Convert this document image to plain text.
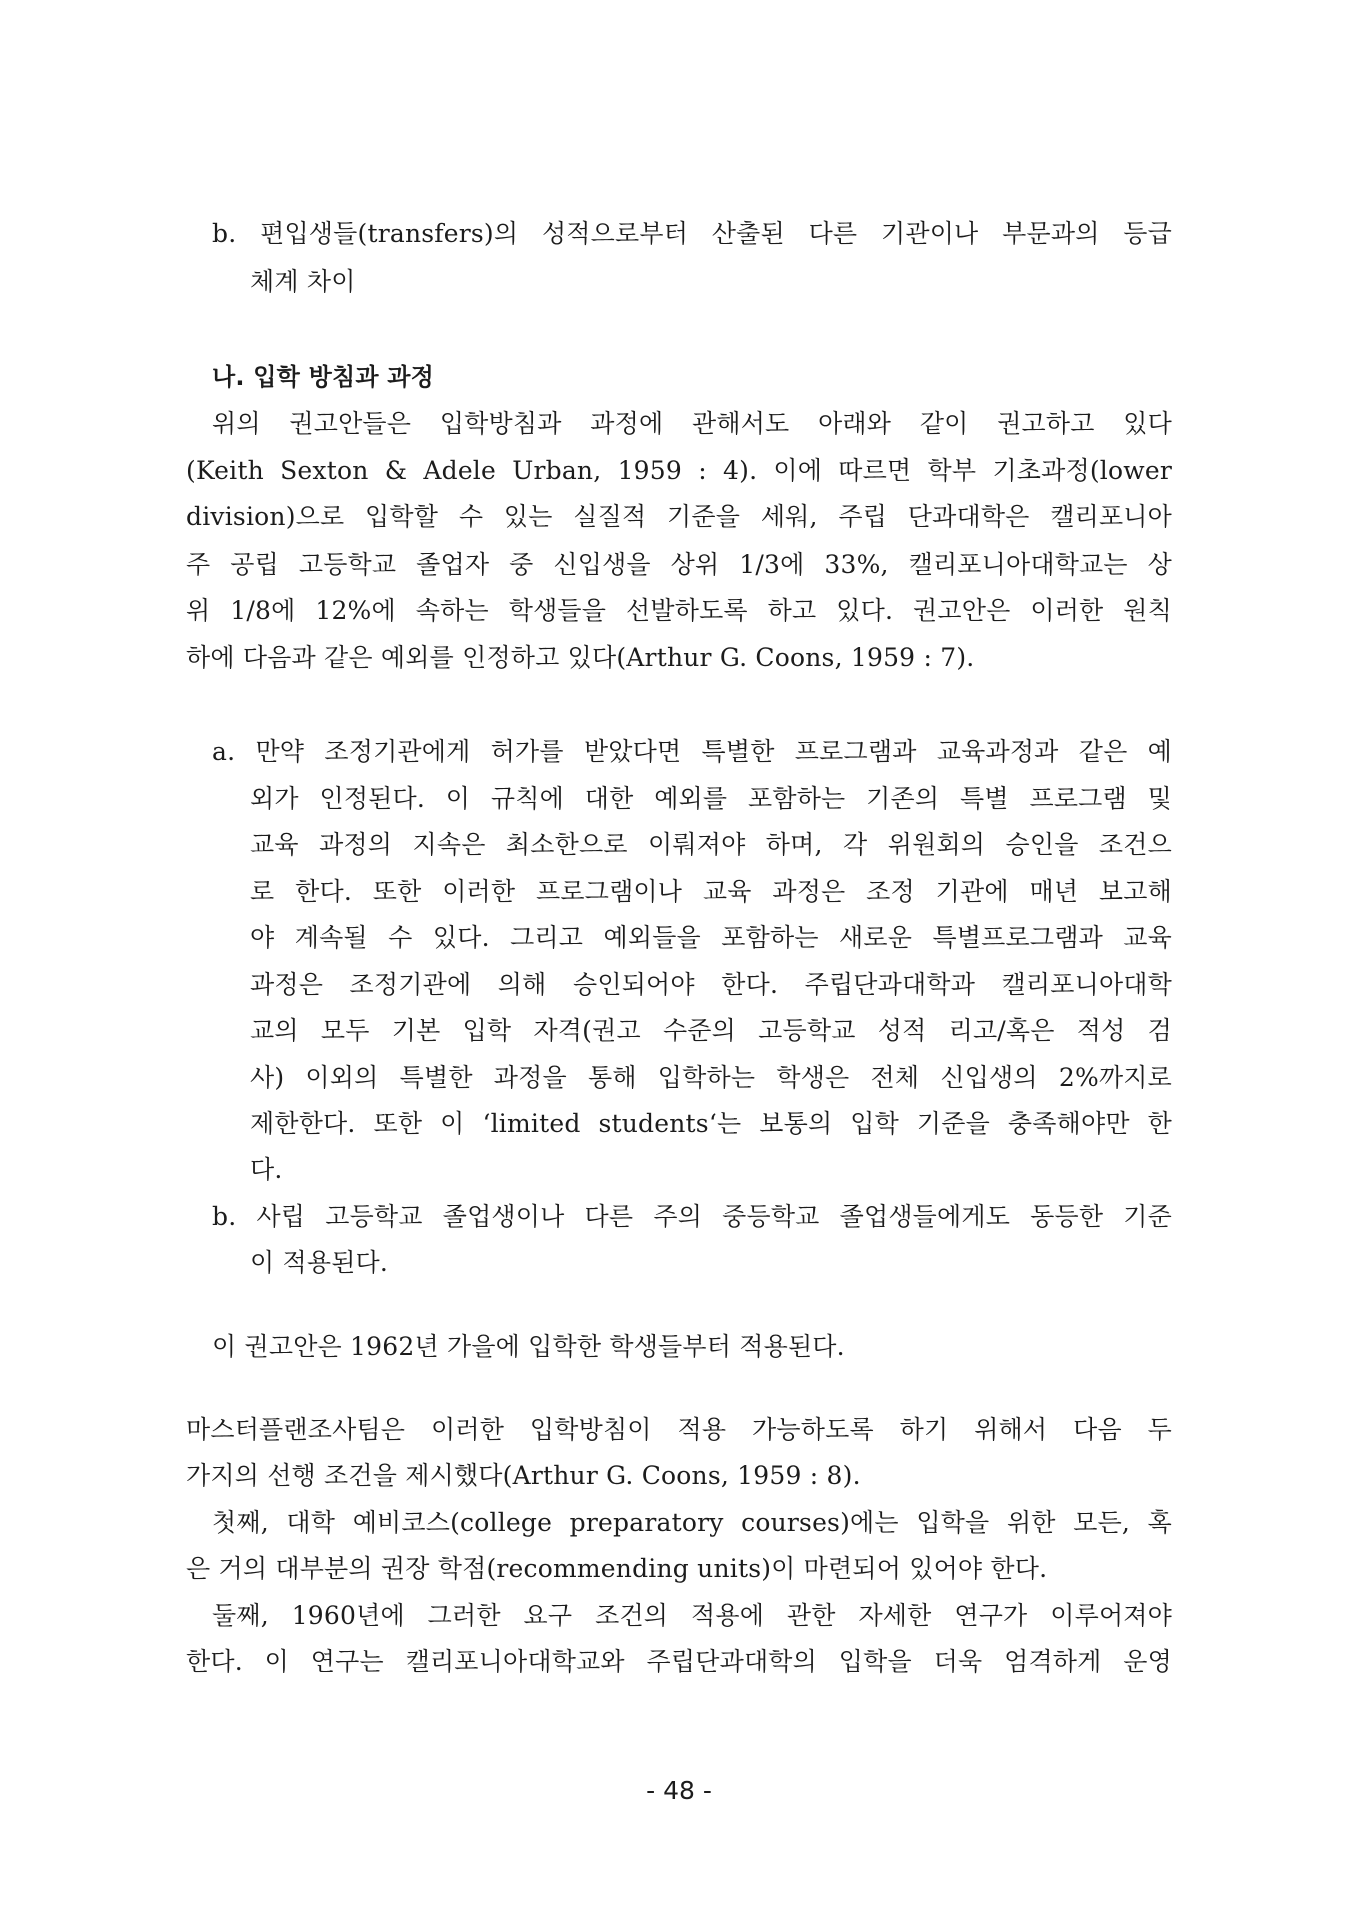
b. 편입생들(transfers)의 성적으로부터 산출된 다른 기관이나 부문과의 등급
체계 차이
나. 입학 방침과 과정
위의 권고안들은 입학방침과 과정에 관해서도 아래와 같이 권고하고 있다
(Keith Sexton & Adele Urban, 1959 : 4). 이에 따르면 학부 기초과정(lower
division)으로 입학할 수 있는 실질적 기준을 세워, 주립 단과대학은 캘리포니아
주 공립 고등학교 졸업자 중 신입생을 상위 1/3에 33%, 캘리포니아대학교는 상
위 1/8에 12%에 속하는 학생들을 선발하도록 하고 있다. 권고안은 이러한 원칙
하에 다음과 같은 예외를 인정하고 있다(Arthur G. Coons, 1959 : 7).
a. 만약 조정기관에게 허가를 받았다면 특별한 프로그램과 교육과정과 같은 예
외가 인정된다. 이 규칙에 대한 예외를 포함하는 기존의 특별 프로그램 및
교육 과정의 지속은 최소한으로 이뤄져야 하며, 각 위원회의 승인을 조건으
로 한다. 또한 이러한 프로그램이나 교육 과정은 조정 기관에 매년 보고해
야 계속될 수 있다. 그리고 예외들을 포함하는 새로운 특별프로그램과 교육
과정은 조정기관에 의해 승인되어야 한다. 주립단과대학과 캘리포니아대학
교의 모두 기본 입학 자격(권고 수준의 고등학교 성적 리고/혹은 적성 검
사) 이외의 특별한 과정을 통해 입학하는 학생은 전체 신입생의 2%까지로
제한한다. 또한 이 ‘limited students‘는 보통의 입학 기준을 충족해야만 한
다.
b. 사립 고등학교 졸업생이나 다른 주의 중등학교 졸업생들에게도 동등한 기준
이 적용된다.
이 권고안은 1962년 가을에 입학한 학생들부터 적용된다.
마스터플랜조사팀은 이러한 입학방침이 적용 가능하도록 하기 위해서 다음 두
가지의 선행 조건을 제시했다(Arthur G. Coons, 1959 : 8).
첫째, 대학 예비코스(college preparatory courses)에는 입학을 위한 모든, 혹
은 거의 대부분의 권장 학점(recommending units)이 마련되어 있어야 한다.
둘째, 1960년에 그러한 요구 조건의 적용에 관한 자세한 연구가 이루어져야
한다. 이 연구는 캘리포니아대학교와 주립단과대학의 입학을 더욱 엄격하게 운영
- 48 -
